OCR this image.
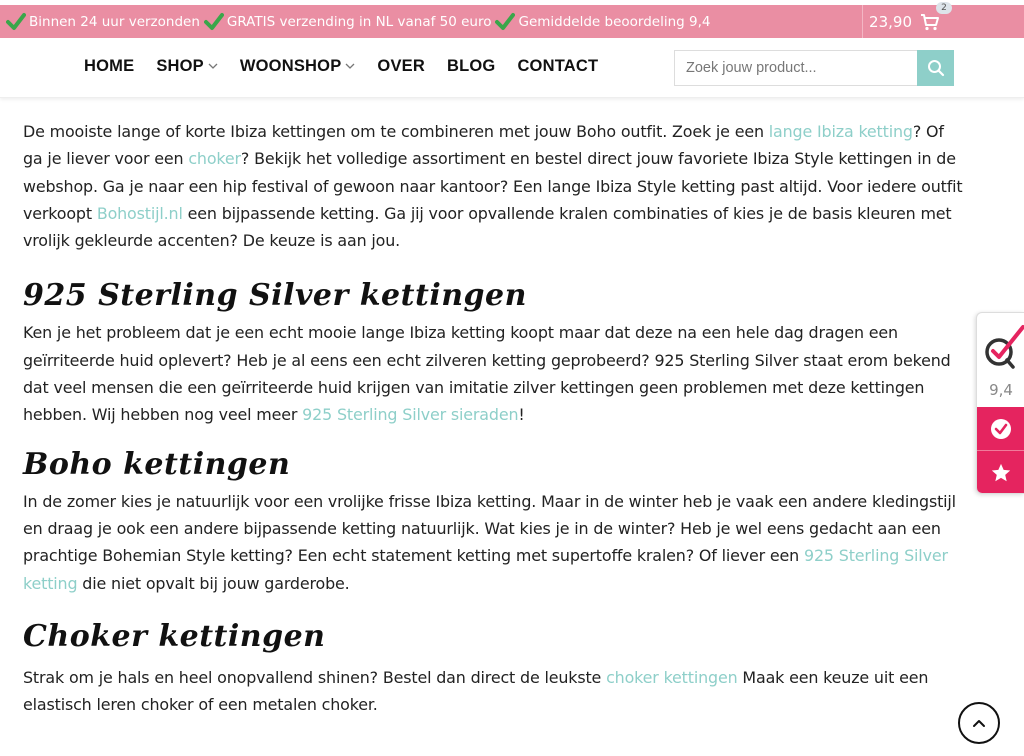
Binnen 24 uur verzonden GRATIS verzending in NL vanaf 50 euro Gemiddelde beoordeling 9,4	23,90
2
HOME SHOP WOONSHOP OVER BLOG CONTACT	Zoek jouw product...

De mooiste lange of korte Ibiza kettingen om te combineren met jouw Boho outfit. Zoek je een lange Ibiza ketting? Of ga je liever voor een choker? Bekijk het volledige assortiment en bestel direct jouw favoriete Ibiza Style kettingen in de webshop. Ga je naar een hip festival of gewoon naar kantoor? Een lange Ibiza Style ketting past altijd. Voor iedere outfit verkoopt Bohostijl.nl een bijpassende ketting. Ga jij voor opvallende kralen combinaties of kies je de basis kleuren met vrolijk gekleurde accenten? De keuze is aan jou.

925 Sterling Silver kettingen

Ken je het probleem dat je een echt mooie lange Ibiza ketting koopt maar dat deze na een hele dag dragen een geïrriteerde huid oplevert? Heb je al eens een echt zilveren ketting geprobeerd? 925 Sterling Silver staat erom bekend dat veel mensen die een geïrriteerde huid krijgen van imitatie zilver kettingen geen problemen met deze kettingen hebben. Wij hebben nog veel meer 925 Sterling Silver sieraden!

Boho kettingen

In de zomer kies je natuurlijk voor een vrolijke frisse Ibiza ketting. Maar in de winter heb je vaak een andere kledingstijl en draag je ook een andere bijpassende ketting natuurlijk. Wat kies je in de winter? Heb je wel eens gedacht aan een prachtige Bohemian Style ketting? Een echt statement ketting met supertoffe kralen? Of liever een 925 Sterling Silver ketting die niet opvalt bij jouw garderobe.

Choker kettingen

Strak om je hals en heel onopvallend shinen? Bestel dan direct de leukste choker kettingen Maak een keuze uit een elastisch leren choker of een metalen choker.

9,4
